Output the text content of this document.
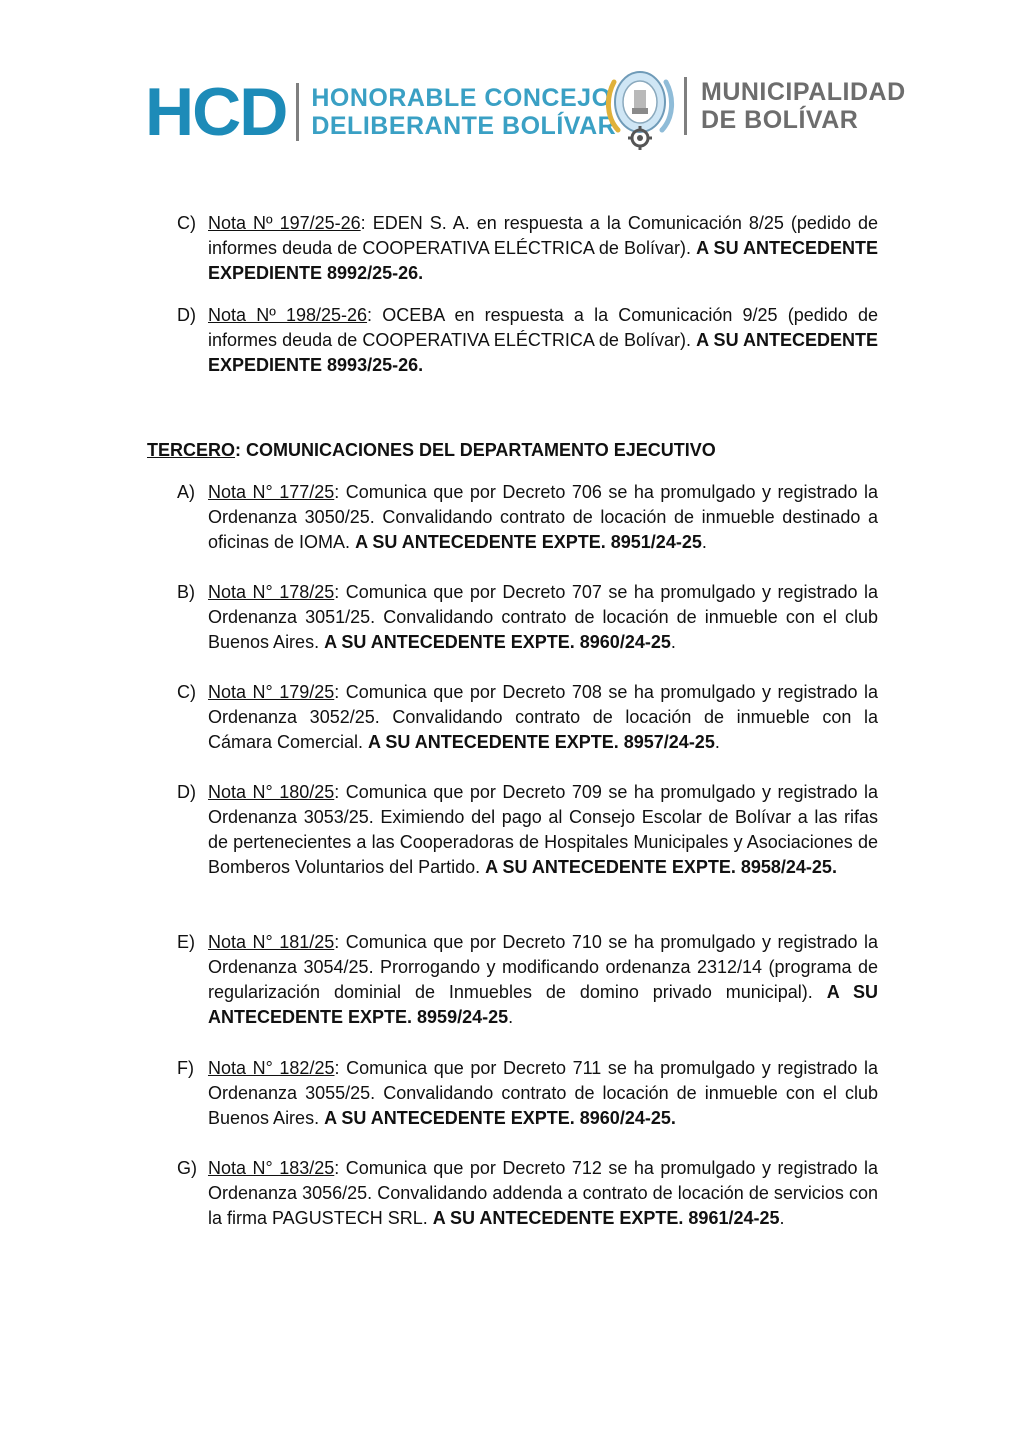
HCD HONORABLE CONCEJO
DELIBERANTE BOLÍVAR
MUNICIPALIDAD
DE BOLÍVAR
C) Nota Nº 197/25-26: EDEN S. A. en respuesta a la Comunicación 8/25 (pedido de informes deuda de COOPERATIVA ELÉCTRICA de Bolívar). A SU ANTECEDENTE EXPEDIENTE 8992/25-26.
D) Nota Nº 198/25-26: OCEBA en respuesta a la Comunicación 9/25 (pedido de informes deuda de COOPERATIVA ELÉCTRICA de Bolívar). A SU ANTECEDENTE EXPEDIENTE 8993/25-26.
TERCERO: COMUNICACIONES DEL DEPARTAMENTO EJECUTIVO
A) Nota N° 177/25: Comunica que por Decreto 706 se ha promulgado y registrado la Ordenanza 3050/25. Convalidando contrato de locación de inmueble destinado a oficinas de IOMA. A SU ANTECEDENTE EXPTE. 8951/24-25.
B) Nota N° 178/25: Comunica que por Decreto 707 se ha promulgado y registrado la Ordenanza 3051/25. Convalidando contrato de locación de inmueble con el club Buenos Aires. A SU ANTECEDENTE EXPTE. 8960/24-25.
C) Nota N° 179/25: Comunica que por Decreto 708 se ha promulgado y registrado la Ordenanza 3052/25. Convalidando contrato de locación de inmueble con la Cámara Comercial. A SU ANTECEDENTE EXPTE. 8957/24-25.
D) Nota N° 180/25: Comunica que por Decreto 709 se ha promulgado y registrado la Ordenanza 3053/25. Eximiendo del pago al Consejo Escolar de Bolívar a las rifas de pertenecientes a las Cooperadoras de Hospitales Municipales y Asociaciones de Bomberos Voluntarios del Partido. A SU ANTECEDENTE EXPTE. 8958/24-25.
E) Nota N° 181/25: Comunica que por Decreto 710 se ha promulgado y registrado la Ordenanza 3054/25. Prorrogando y modificando ordenanza 2312/14 (programa de regularización dominial de Inmuebles de domino privado municipal). A SU ANTECEDENTE EXPTE. 8959/24-25.
F) Nota N° 182/25: Comunica que por Decreto 711 se ha promulgado y registrado la Ordenanza 3055/25. Convalidando contrato de locación de inmueble con el club Buenos Aires. A SU ANTECEDENTE EXPTE. 8960/24-25.
G) Nota N° 183/25: Comunica que por Decreto 712 se ha promulgado y registrado la Ordenanza 3056/25. Convalidando addenda a contrato de locación de servicios con la firma PAGUSTECH SRL. A SU ANTECEDENTE EXPTE. 8961/24-25.
